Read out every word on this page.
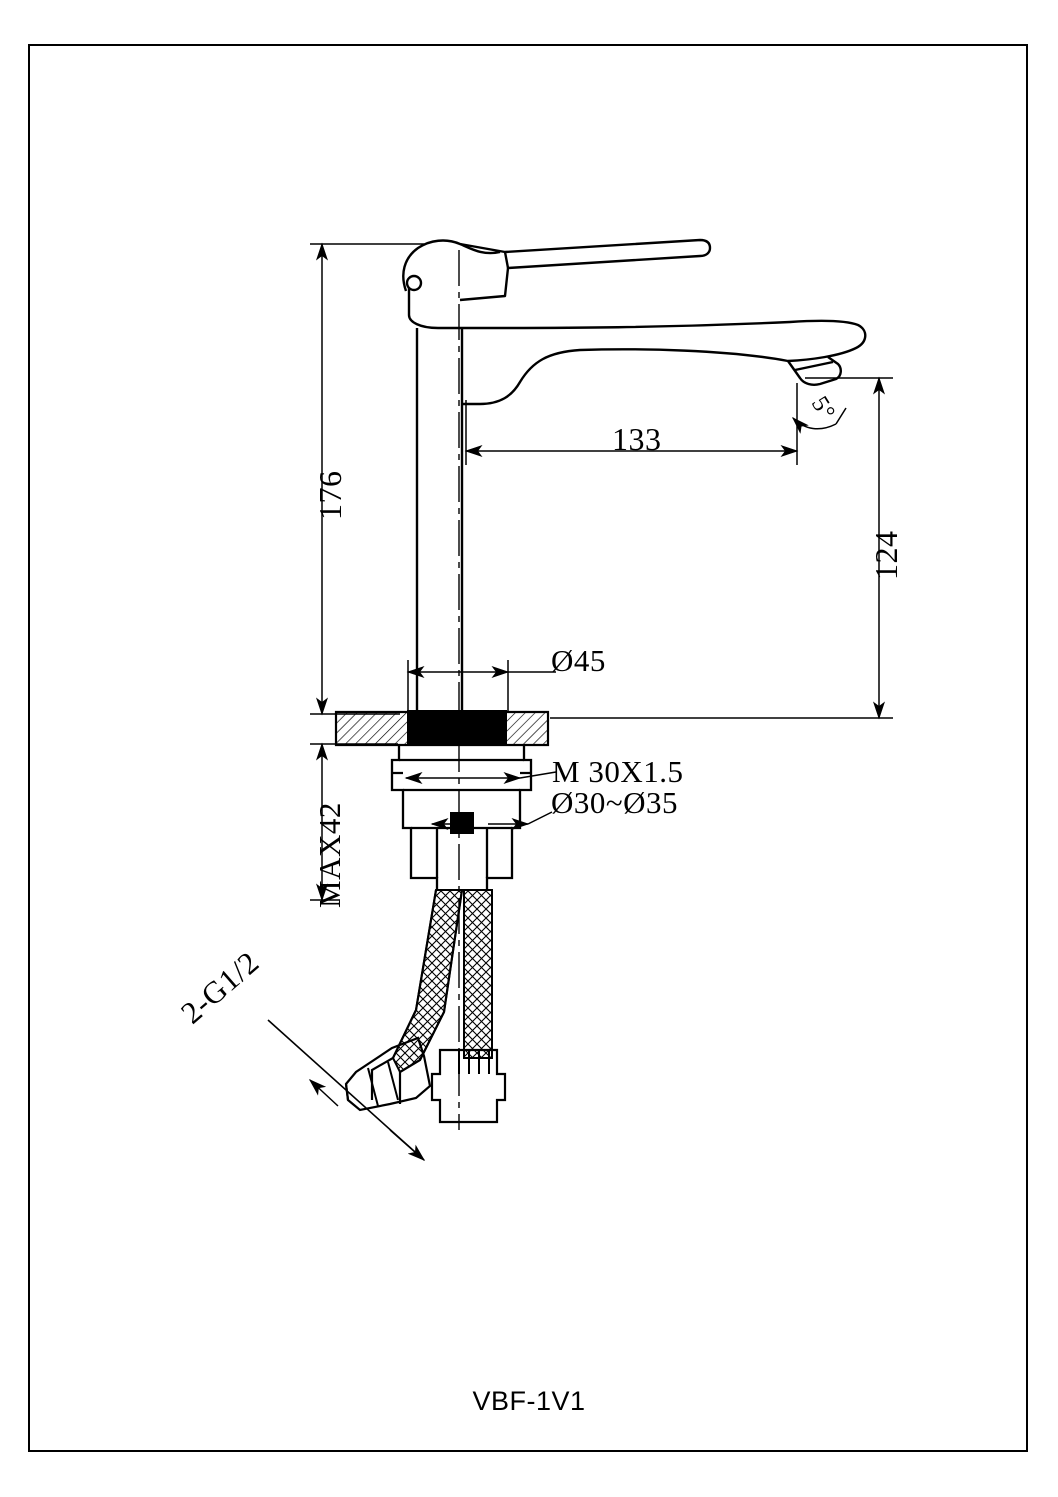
176
MAX42
133
124
Ø45
M 30X1.5
Ø30~Ø35
2-G1/2
5°
VBF-1V1
